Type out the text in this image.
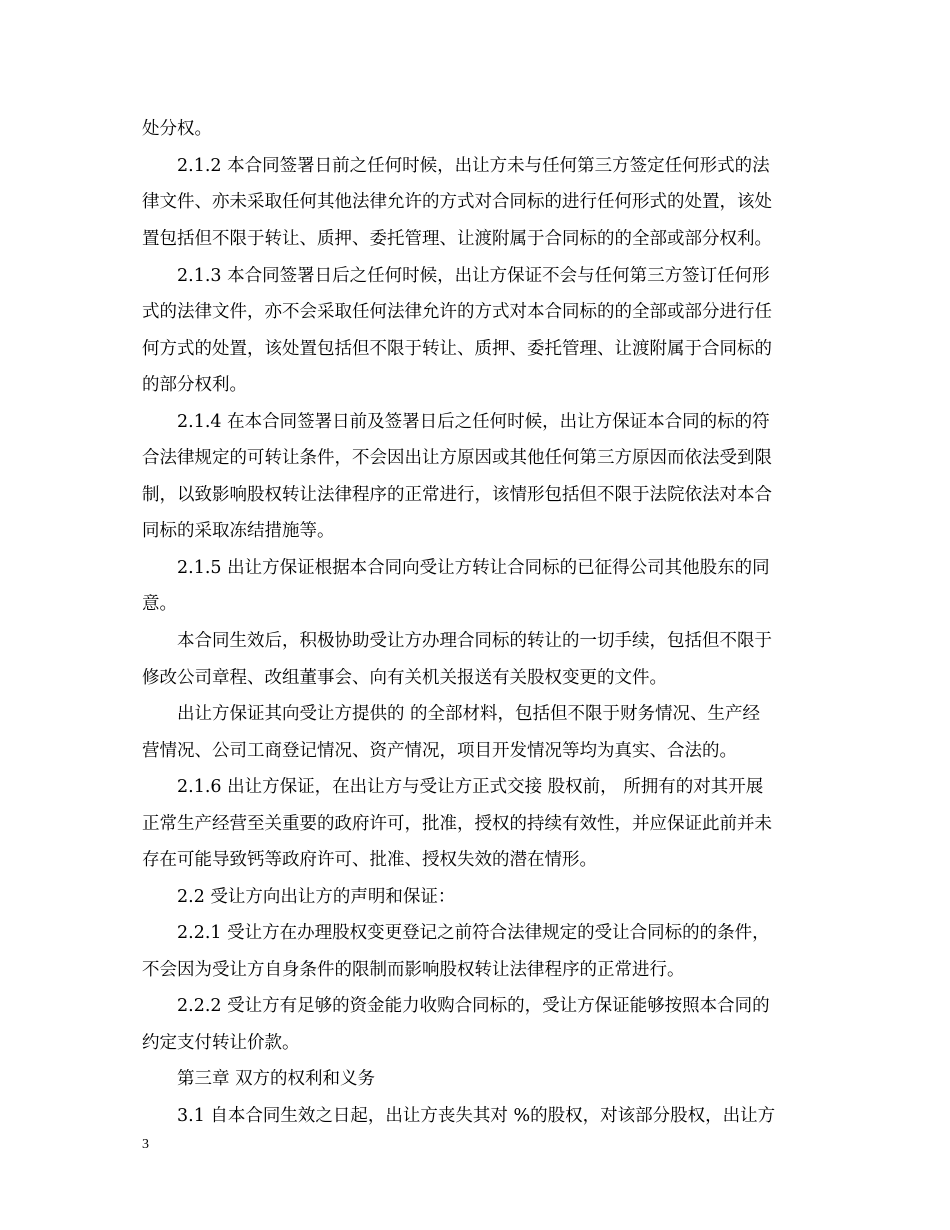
处分权。
2.1.2 本合同签署日前之任何时候，出让方未与任何第三方签定任何形式的法
律文件、亦未采取任何其他法律允许的方式对合同标的进行任何形式的处置，该处
置包括但不限于转让、质押、委托管理、让渡附属于合同标的的全部或部分权利。
2.1.3 本合同签署日后之任何时候，出让方保证不会与任何第三方签订任何形
式的法律文件，亦不会采取任何法律允许的方式对本合同标的的全部或部分进行任
何方式的处置，该处置包括但不限于转让、质押、委托管理、让渡附属于合同标的
的部分权利。
2.1.4 在本合同签署日前及签署日后之任何时候，出让方保证本合同的标的符
合法律规定的可转让条件，不会因出让方原因或其他任何第三方原因而依法受到限
制，以致影响股权转让法律程序的正常进行，该情形包括但不限于法院依法对本合
同标的采取冻结措施等。
2.1.5 出让方保证根据本合同向受让方转让合同标的已征得公司其他股东的同
意。
本合同生效后，积极协助受让方办理合同标的转让的一切手续，包括但不限于
修改公司章程、改组董事会、向有关机关报送有关股权变更的文件。
出让方保证其向受让方提供的 的全部材料，包括但不限于财务情况、生产经
营情况、公司工商登记情况、资产情况，项目开发情况等均为真实、合法的。
2.1.6 出让方保证，在出让方与受让方正式交接 股权前， 所拥有的对其开展
正常生产经营至关重要的政府许可，批准，授权的持续有效性，并应保证此前并未
存在可能导致钙等政府许可、批准、授权失效的潜在情形。
2.2 受让方向出让方的声明和保证：
2.2.1 受让方在办理股权变更登记之前符合法律规定的受让合同标的的条件，
不会因为受让方自身条件的限制而影响股权转让法律程序的正常进行。
2.2.2 受让方有足够的资金能力收购合同标的，受让方保证能够按照本合同的
约定支付转让价款。
第三章 双方的权利和义务
3.1 自本合同生效之日起，出让方丧失其对 %的股权，对该部分股权，出让方
3
